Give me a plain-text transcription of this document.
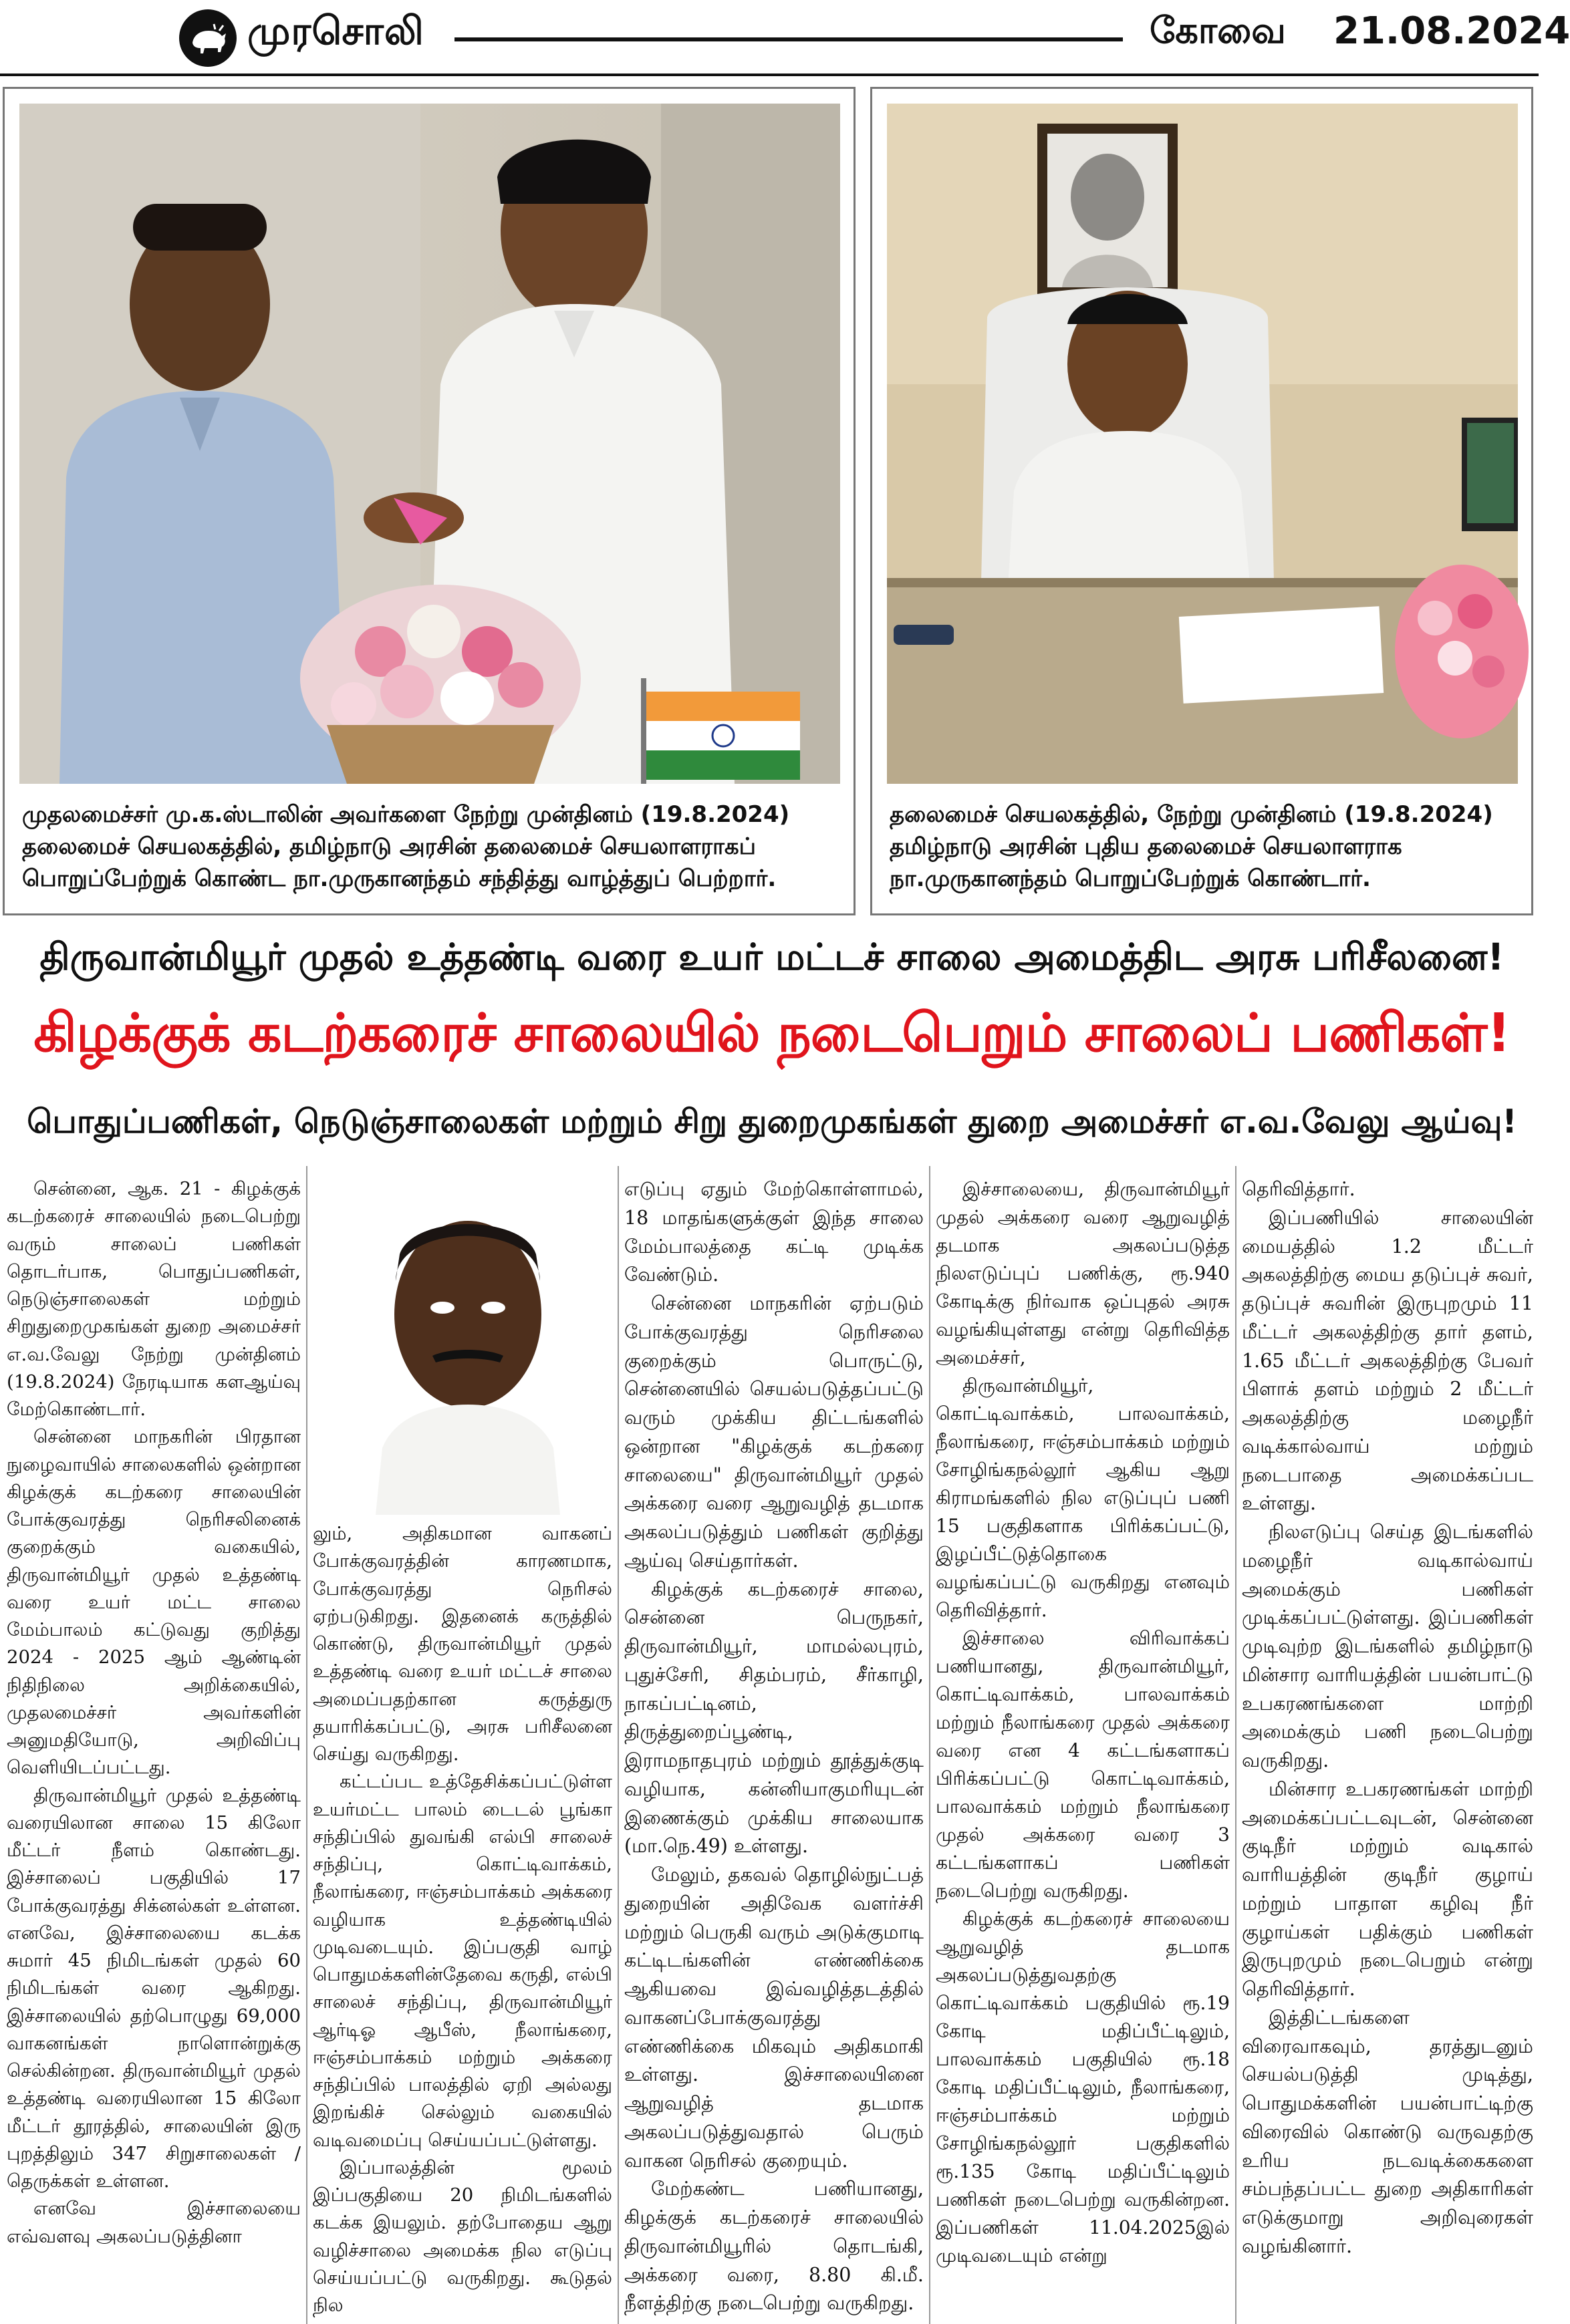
முரசொலி	கோவை 21.08.2024
முதலமைச்சர் மு.க.ஸ்டாலின் அவர்களை நேற்று முன்தினம் (19.8.2024) தலைமைச் செயலகத்தில், தமிழ்நாடு அரசின் தலைமைச் செயலாளராகப் பொறுப்பேற்றுக் கொண்ட நா.முருகானந்தம் சந்தித்து வாழ்த்துப் பெற்றார்.
தலைமைச் செயலகத்தில், நேற்று முன்தினம் (19.8.2024) தமிழ்நாடு அரசின் புதிய தலைமைச் செயலாளராக நா.முருகானந்தம் பொறுப்பேற்றுக் கொண்டார்.
திருவான்மியூர் முதல் உத்தண்டி வரை உயர் மட்டச் சாலை அமைத்திட அரசு பரிசீலனை!
கிழக்குக் கடற்கரைச் சாலையில் நடைபெறும் சாலைப் பணிகள்!
பொதுப்பணிகள், நெடுஞ்சாலைகள் மற்றும் சிறு துறைமுகங்கள் துறை அமைச்சர் எ.வ.வேலு ஆய்வு!

சென்னை, ஆக. 21 - கிழக்குக் கடற்கரைச் சாலையில் நடைபெற்று வரும் சாலைப் பணிகள் தொடர்பாக, பொதுப்பணிகள், நெடுஞ்சாலைகள் மற்றும் சிறுதுறைமுகங்கள் துறை அமைச்சர் எ.வ.வேலு நேற்று முன்தினம் (19.8.2024) நேரடியாக களஆய்வு மேற்கொண்டார்.

சென்னை மாநகரின் பிரதான நுழைவாயில் சாலைகளில் ஒன்றான கிழக்குக் கடற்கரை சாலையின் போக்குவரத்து நெரிசலினைக் குறைக்கும் வகையில், திருவான்மியூர் முதல் உத்தண்டி வரை உயர் மட்ட சாலை மேம்பாலம் கட்டுவது குறித்து 2024 - 2025 ஆம் ஆண்டின் நிதிநிலை அறிக்கையில், முதலமைச்சர் அவர்களின் அனுமதியோடு, அறிவிப்பு வெளியிடப்பட்டது.

திருவான்மியூர் முதல் உத்தண்டி வரையிலான சாலை 15 கிலோ மீட்டர் நீளம் கொண்டது. இச்சாலைப் பகுதியில் 17 போக்குவரத்து சிக்னல்கள் உள்ளன. எனவே, இச்சாலையை கடக்க சுமார் 45 நிமிடங்கள் முதல் 60 நிமிடங்கள் வரை ஆகிறது. இச்சாலையில் தற்பொழுது 69,000 வாகனங்கள் நாளொன்றுக்கு செல்கின்றன. திருவான்மியூர் முதல் உத்தண்டி வரையிலான 15 கிலோ மீட்டர் தூரத்தில், சாலையின் இரு புறத்திலும் 347 சிறுசாலைகள் / தெருக்கள் உள்ளன.

எனவே இச்சாலையை எவ்வளவு அகலப்படுத்தினா

லும், அதிகமான வாகனப் போக்குவரத்தின் காரணமாக, போக்குவரத்து நெரிசல் ஏற்படுகிறது. இதனைக் கருத்தில் கொண்டு, திருவான்மியூர் முதல் உத்தண்டி வரை உயர் மட்டச் சாலை அமைப்பதற்கான கருத்துரு தயாரிக்கப்பட்டு, அரசு பரிசீலனை செய்து வருகிறது.

கட்டப்பட உத்தேசிக்கப்பட்டுள்ள உயர்மட்ட பாலம் டைடல் பூங்கா சந்திப்பில் துவங்கி எல்பி சாலைச் சந்திப்பு, கொட்டிவாக்கம், நீலாங்கரை, ஈஞ்சம்பாக்கம் அக்கரை வழியாக உத்தண்டியில் முடிவடையும். இப்பகுதி வாழ் பொதுமக்களின்தேவை கருதி, எல்பி சாலைச் சந்திப்பு, திருவான்மியூர் ஆர்டிஓ ஆபீஸ், நீலாங்கரை, ஈஞ்சம்பாக்கம் மற்றும் அக்கரை சந்திப்பில் பாலத்தில் ஏறி அல்லது இறங்கிச் செல்லும் வகையில் வடிவமைப்பு செய்யப்பட்டுள்ளது.

இப்பாலத்தின் மூலம் இப்பகுதியை 20 நிமிடங்களில் கடக்க இயலும். தற்போதைய ஆறு வழிச்சாலை அமைக்க நில எடுப்பு செய்யப்பட்டு வருகிறது. கூடுதல் நில

எடுப்பு ஏதும் மேற்கொள்ளாமல், 18 மாதங்களுக்குள் இந்த சாலை மேம்பாலத்தை கட்டி முடிக்க வேண்டும்.

சென்னை மாநகரின் ஏற்படும் போக்குவரத்து நெரிசலை குறைக்கும் பொருட்டு, சென்னையில் செயல்படுத்தப்பட்டு வரும் முக்கிய திட்டங்களில் ஒன்றான "கிழக்குக் கடற்கரை சாலையை" திருவான்மியூர் முதல் அக்கரை வரை ஆறுவழித் தடமாக அகலப்படுத்தும் பணிகள் குறித்து ஆய்வு செய்தார்கள்.

கிழக்குக் கடற்கரைச் சாலை, சென்னை பெருநகர், திருவான்மியூர், மாமல்லபுரம், புதுச்சேரி, சிதம்பரம், சீர்காழி, நாகப்பட்டினம், திருத்துறைப்பூண்டி, இராமநாதபுரம் மற்றும் தூத்துக்குடி வழியாக, கன்னியாகுமரியுடன் இணைக்கும் முக்கிய சாலையாக (மா.நெ.49) உள்ளது.

மேலும், தகவல் தொழில்நுட்பத் துறையின் அதிவேக வளர்ச்சி மற்றும் பெருகி வரும் அடுக்குமாடி கட்டிடங்களின் எண்ணிக்கை ஆகியவை இவ்வழித்தடத்தில் வாகனப்போக்குவரத்து எண்ணிக்கை மிகவும் அதிகமாகி உள்ளது. இச்சாலையினை ஆறுவழித் தடமாக அகலப்படுத்துவதால் பெரும் வாகன நெரிசல் குறையும்.

மேற்கண்ட பணியானது, கிழக்குக் கடற்கரைச் சாலையில் திருவான்மியூரில் தொடங்கி, அக்கரை வரை, 8.80 கி.மீ. நீளத்திற்கு நடைபெற்று வருகிறது.

இச்சாலையை, திருவான்மியூர் முதல் அக்கரை வரை ஆறுவழித் தடமாக அகலப்படுத்த நிலஎடுப்புப் பணிக்கு, ரூ.940 கோடிக்கு நிர்வாக ஒப்புதல் அரசு வழங்கியுள்ளது என்று தெரிவித்த அமைச்சர்,

திருவான்மியூர், கொட்டிவாக்கம், பாலவாக்கம், நீலாங்கரை, ஈஞ்சம்பாக்கம் மற்றும் சோழிங்கநல்லூர் ஆகிய ஆறு கிராமங்களில் நில எடுப்புப் பணி 15 பகுதிகளாக பிரிக்கப்பட்டு, இழப்பீட்டுத்தொகை வழங்கப்பட்டு வருகிறது எனவும் தெரிவித்தார்.

இச்சாலை விரிவாக்கப் பணியானது, திருவான்மியூர், கொட்டிவாக்கம், பாலவாக்கம் மற்றும் நீலாங்கரை முதல் அக்கரை வரை என 4 கட்டங்களாகப் பிரிக்கப்பட்டு கொட்டிவாக்கம், பாலவாக்கம் மற்றும் நீலாங்கரை முதல் அக்கரை வரை 3 கட்டங்களாகப் பணிகள் நடைபெற்று வருகிறது.

கிழக்குக் கடற்கரைச் சாலையை ஆறுவழித் தடமாக அகலப்படுத்துவதற்கு கொட்டிவாக்கம் பகுதியில் ரூ.19 கோடி மதிப்பீட்டிலும், பாலவாக்கம் பகுதியில் ரூ.18 கோடி மதிப்பீட்டிலும், நீலாங்கரை, ஈஞ்சம்பாக்கம் மற்றும் சோழிங்கநல்லூர் பகுதிகளில் ரூ.135 கோடி மதிப்பீட்டிலும் பணிகள் நடைபெற்று வருகின்றன. இப்பணிகள் 11.04.2025இல் முடிவடையும் என்று

தெரிவித்தார்.

இப்பணியில் சாலையின் மையத்தில் 1.2 மீட்டர் அகலத்திற்கு மைய தடுப்புச் சுவர், தடுப்புச் சுவரின் இருபுறமும் 11 மீட்டர் அகலத்திற்கு தார் தளம், 1.65 மீட்டர் அகலத்திற்கு பேவர் பிளாக் தளம் மற்றும் 2 மீட்டர் அகலத்திற்கு மழைநீர் வடிக்கால்வாய் மற்றும் நடைபாதை அமைக்கப்பட உள்ளது.

நிலஎடுப்பு செய்த இடங்களில் மழைநீர் வடிகால்வாய் அமைக்கும் பணிகள் முடிக்கப்பட்டுள்ளது. இப்பணிகள் முடிவுற்ற இடங்களில் தமிழ்நாடு மின்சார வாரியத்தின் பயன்பாட்டு உபகரணங்களை மாற்றி அமைக்கும் பணி நடைபெற்று வருகிறது.

மின்சார உபகரணங்கள் மாற்றி அமைக்கப்பட்டவுடன், சென்னை குடிநீர் மற்றும் வடிகால் வாரியத்தின் குடிநீர் குழாய் மற்றும் பாதாள கழிவு நீர் குழாய்கள் பதிக்கும் பணிகள் இருபுறமும் நடைபெறும் என்று தெரிவித்தார்.

இத்திட்டங்களை விரைவாகவும், தரத்துடனும் செயல்படுத்தி முடித்து, பொதுமக்களின் பயன்பாட்டிற்கு விரைவில் கொண்டு வருவதற்கு உரிய நடவடிக்கைகளை சம்பந்தப்பட்ட துறை அதிகாரிகள் எடுக்குமாறு அறிவுரைகள் வழங்கினார்.
